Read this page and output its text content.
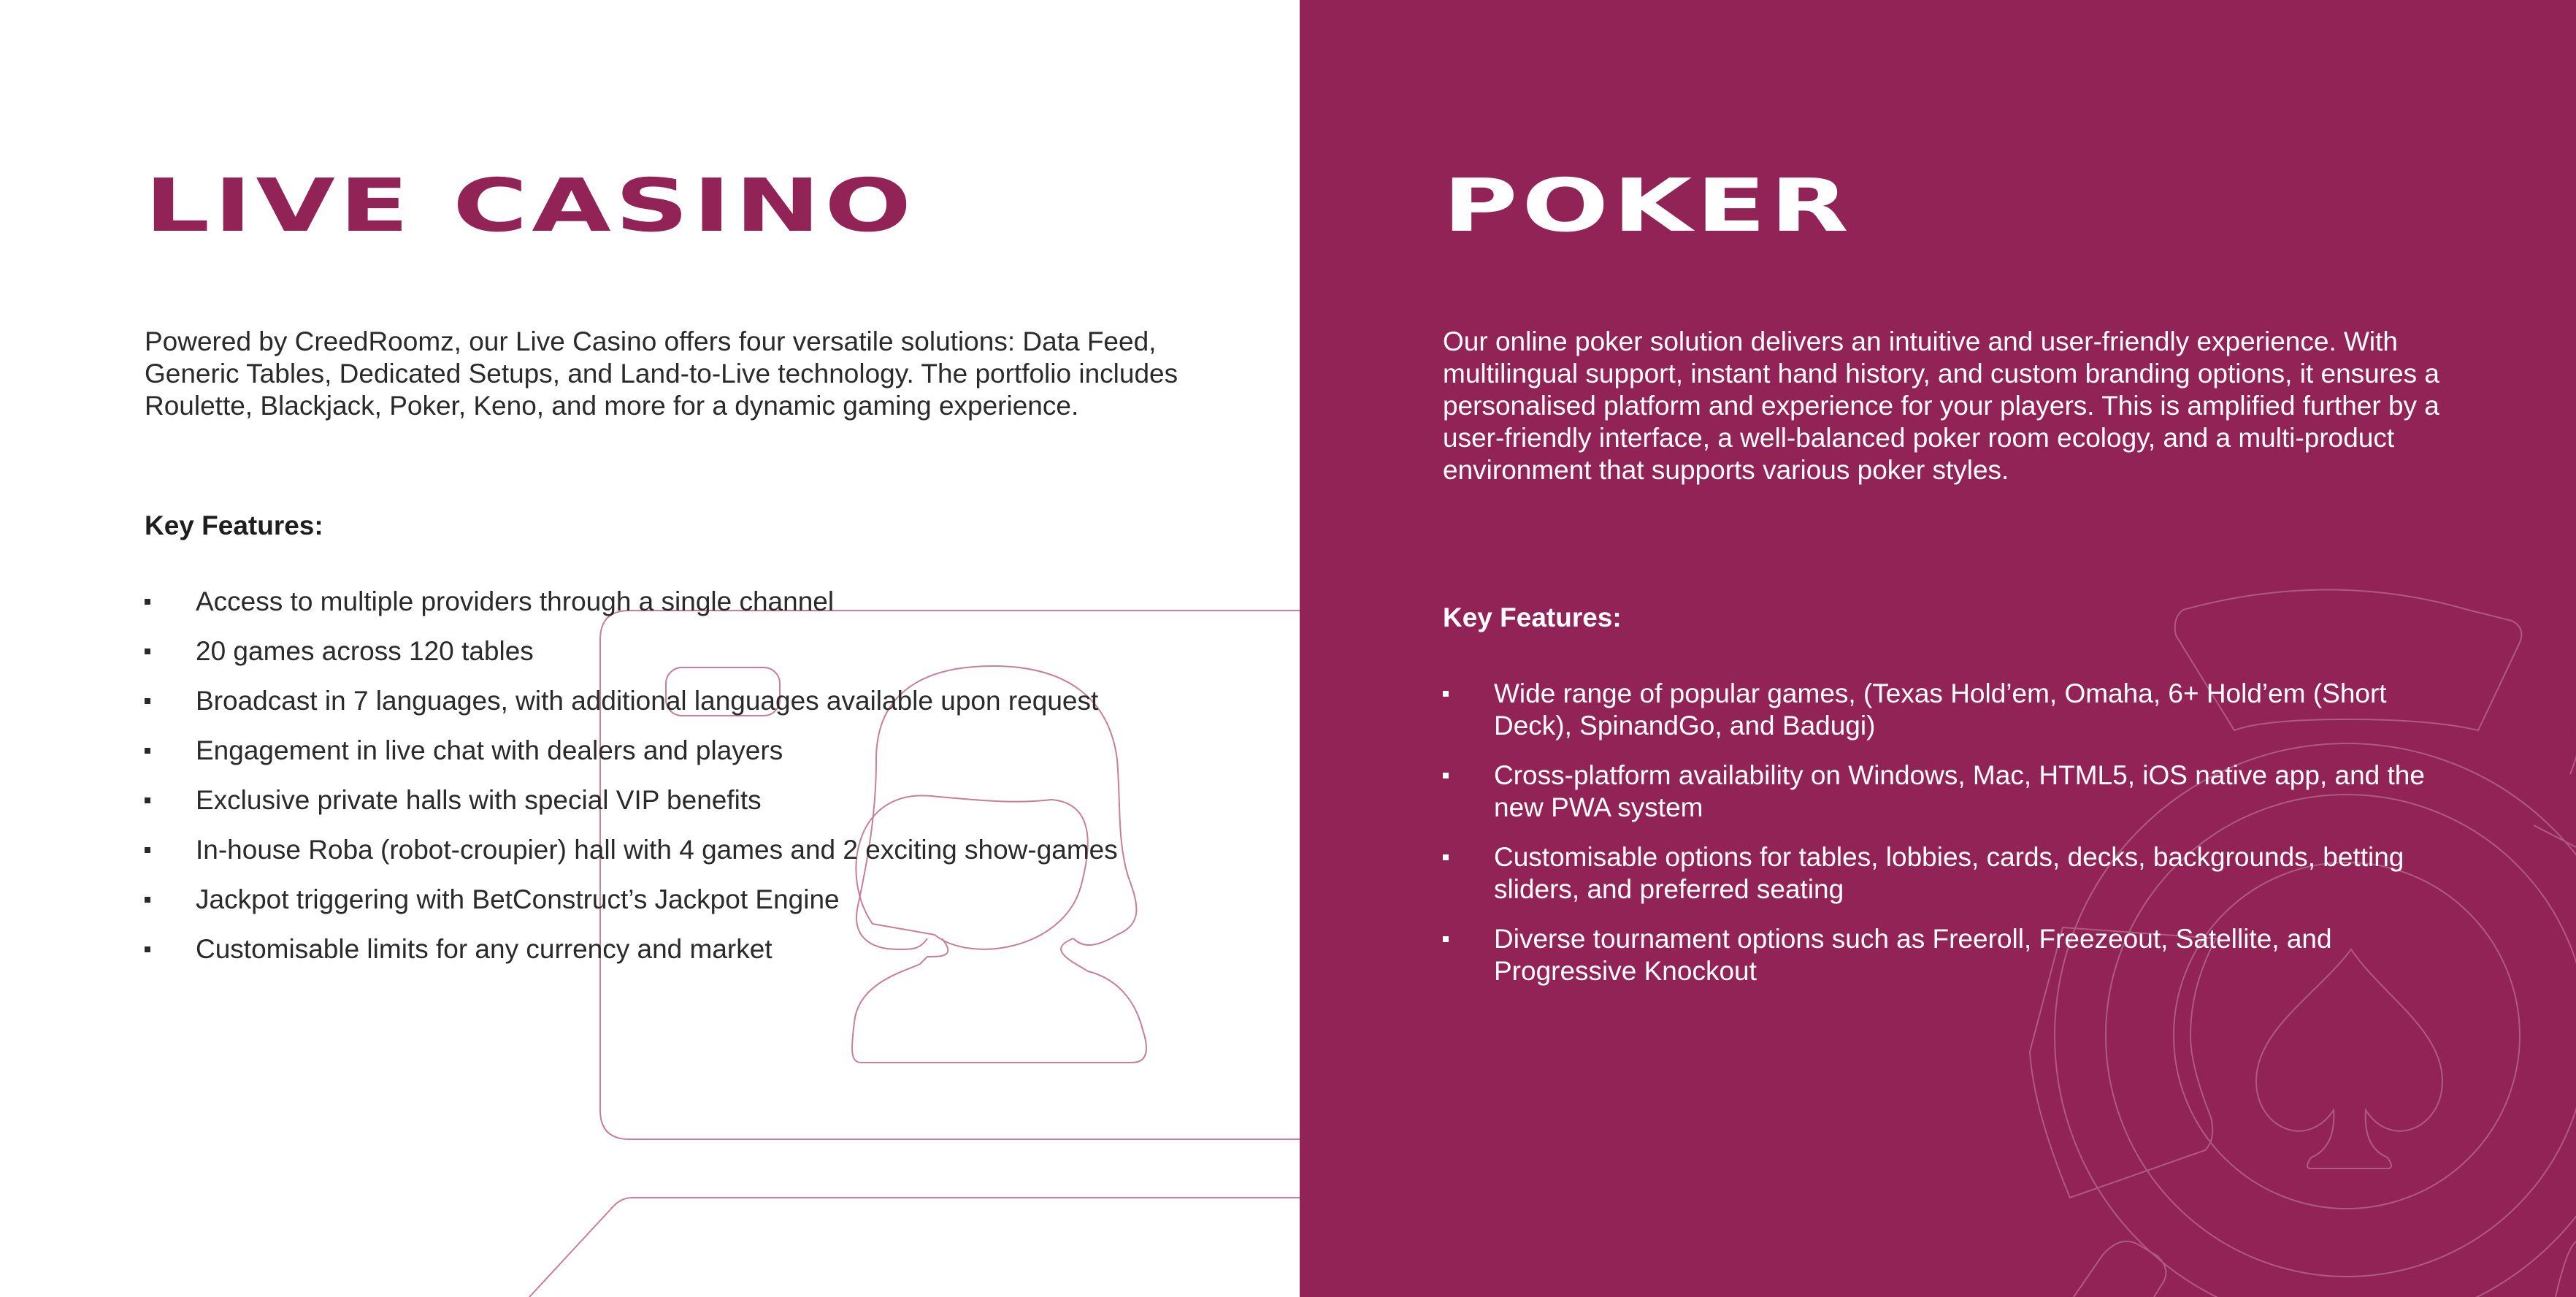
LIVE CASINO

Powered by CreedRoomz, our Live Casino offers four versatile solutions: Data Feed, Generic Tables, Dedicated Setups, and Land-to-Live technology. The portfolio includes Roulette, Blackjack, Poker, Keno, and more for a dynamic gaming experience.

Key Features:
Access to multiple providers through a single channel
20 games across 120 tables
Broadcast in 7 languages, with additional languages available upon request
Engagement in live chat with dealers and players
Exclusive private halls with special VIP benefits
In-house Roba (robot-croupier) hall with 4 games and 2 exciting show-games
Jackpot triggering with BetConstruct’s Jackpot Engine
Customisable limits for any currency and market
POKER

Our online poker solution delivers an intuitive and user-friendly experience. With multilingual support, instant hand history, and custom branding options, it ensures a personalised platform and experience for your players. This is amplified further by a user-friendly interface, a well-balanced poker room ecology, and a multi-product environment that supports various poker styles.

Key Features:
Wide range of popular games, (Texas Hold’em, Omaha, 6+ Hold’em (Short Deck), SpinandGo, and Badugi)
Cross-platform availability on Windows, Mac, HTML5, iOS native app, and the new PWA system
Customisable options for tables, lobbies, cards, decks, backgrounds, betting sliders, and preferred seating
Diverse tournament options such as Freeroll, Freezeout, Satellite, and Progressive Knockout
